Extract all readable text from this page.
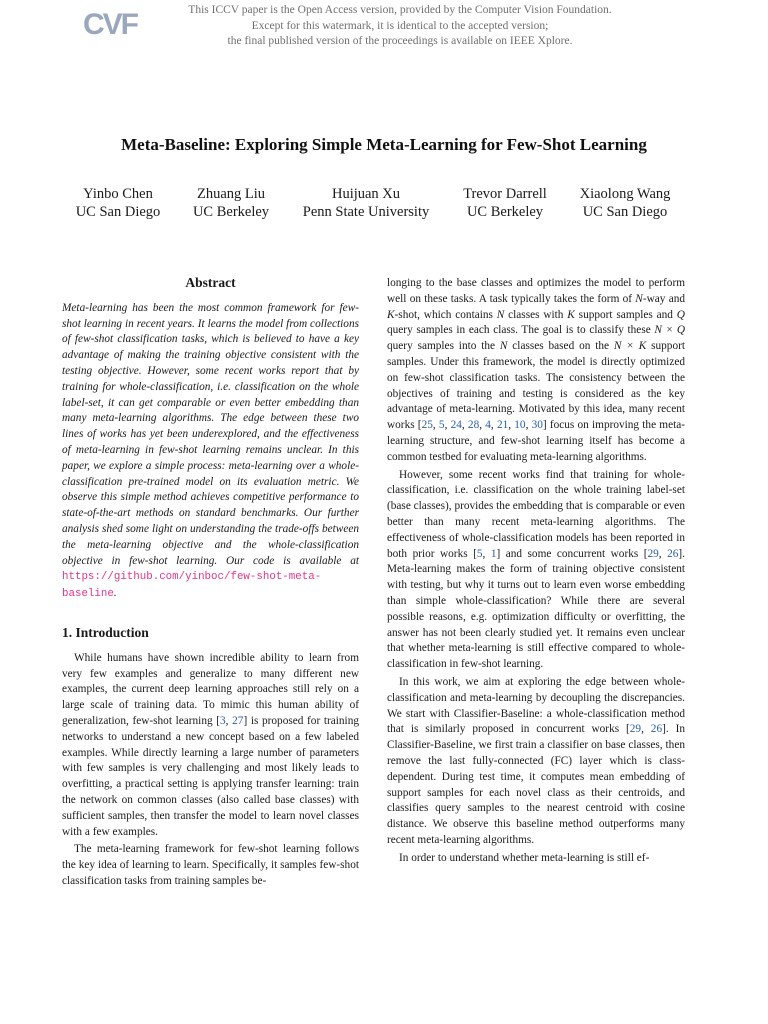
CVF	This ICCV paper is the Open Access version, provided by the Computer Vision Foundation.
Except for this watermark, it is identical to the accepted version;
the final published version of the proceedings is available on IEEE Xplore.
Meta-Baseline: Exploring Simple Meta-Learning for Few-Shot Learning
Yinbo Chen
UC San Diego
Zhuang Liu
UC Berkeley
Huijuan Xu
Penn State University
Trevor Darrell
UC Berkeley
Xiaolong Wang
UC San Diego
Abstract

Meta-learning has been the most common framework for few-shot learning in recent years. It learns the model from collections of few-shot classification tasks, which is believed to have a key advantage of making the training objective consistent with the testing objective. However, some recent works report that by training for whole-classification, i.e. classification on the whole label-set, it can get comparable or even better embedding than many meta-learning algorithms. The edge between these two lines of works has yet been underexplored, and the effectiveness of meta-learning in few-shot learning remains unclear. In this paper, we explore a simple process: meta-learning over a whole-classification pre-trained model on its evaluation metric. We observe this simple method achieves competitive performance to state-of-the-art methods on standard benchmarks. Our further analysis shed some light on understanding the trade-offs between the meta-learning objective and the whole-classification objective in few-shot learning. Our code is available at https://github.com/yinboc/few-shot-meta-baseline.

1. Introduction

While humans have shown incredible ability to learn from very few examples and generalize to many different new examples, the current deep learning approaches still rely on a large scale of training data. To mimic this human ability of generalization, few-shot learning [3, 27] is proposed for training networks to understand a new concept based on a few labeled examples. While directly learning a large number of parameters with few samples is very challenging and most likely leads to overfitting, a practical setting is applying transfer learning: train the network on common classes (also called base classes) with sufficient samples, then transfer the model to learn novel classes with a few examples.

The meta-learning framework for few-shot learning follows the key idea of learning to learn. Specifically, it samples few-shot classification tasks from training samples be-

longing to the base classes and optimizes the model to perform well on these tasks. A task typically takes the form of N-way and K-shot, which contains N classes with K support samples and Q query samples in each class. The goal is to classify these N × Q query samples into the N classes based on the N × K support samples. Under this framework, the model is directly optimized on few-shot classification tasks. The consistency between the objectives of training and testing is considered as the key advantage of meta-learning. Motivated by this idea, many recent works [25, 5, 24, 28, 4, 21, 10, 30] focus on improving the meta-learning structure, and few-shot learning itself has become a common testbed for evaluating meta-learning algorithms.

However, some recent works find that training for whole-classification, i.e. classification on the whole training label-set (base classes), provides the embedding that is comparable or even better than many recent meta-learning algorithms. The effectiveness of whole-classification models has been reported in both prior works [5, 1] and some concurrent works [29, 26]. Meta-learning makes the form of training objective consistent with testing, but why it turns out to learn even worse embedding than simple whole-classification? While there are several possible reasons, e.g. optimization difficulty or overfitting, the answer has not been clearly studied yet. It remains even unclear that whether meta-learning is still effective compared to whole-classification in few-shot learning.

In this work, we aim at exploring the edge between whole-classification and meta-learning by decoupling the discrepancies. We start with Classifier-Baseline: a whole-classification method that is similarly proposed in concurrent works [29, 26]. In Classifier-Baseline, we first train a classifier on base classes, then remove the last fully-connected (FC) layer which is class-dependent. During test time, it computes mean embedding of support samples for each novel class as their centroids, and classifies query samples to the nearest centroid with cosine distance. We observe this baseline method outperforms many recent meta-learning algorithms.

In order to understand whether meta-learning is still ef-
